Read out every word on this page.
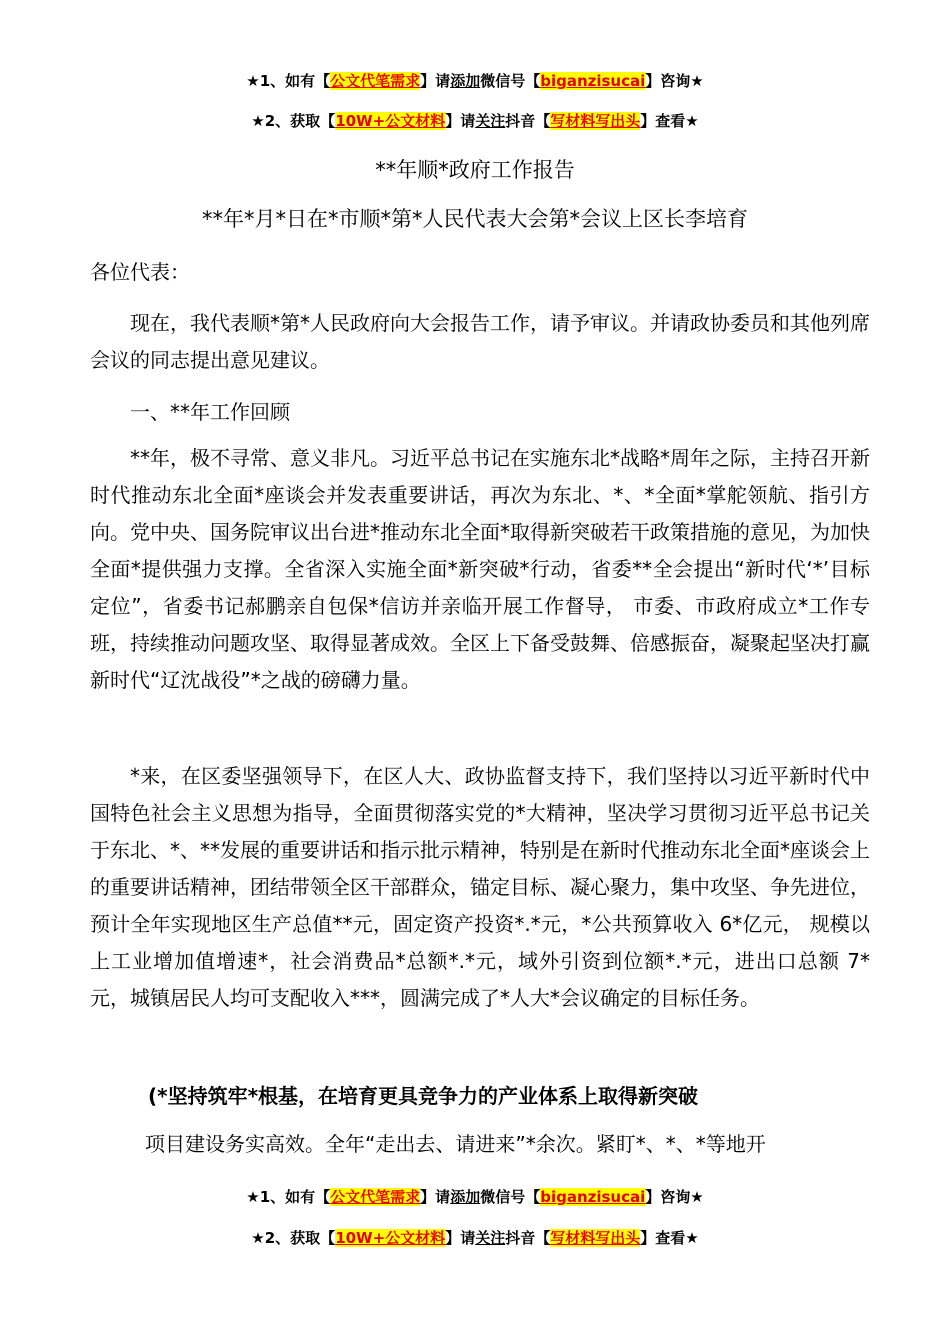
★1、如有【公文代笔需求】请添加微信号【biganzisucai】咨询★
★2、获取【10W+公文材料】请关注抖音【写材料写出头】查看★
**年顺*政府工作报告
**年*月*日在*市顺*第*人民代表大会第*会议上区长李培育
各位代表：
现在，我代表顺*第*人民政府向大会报告工作，请予审议。并请政协委员和其他列席会议的同志提出意见建议。
一、**年工作回顾
**年，极不寻常、意义非凡。习近平总书记在实施东北*战略*周年之际，主持召开新时代推动东北全面*座谈会并发表重要讲话，再次为东北、*、*全面*掌舵领航、指引方向。党中央、国务院审议出台进*推动东北全面*取得新突破若干政策措施的意见，为加快全面*提供强力支撑。全省深入实施全面*新突破*行动，省委**全会提出“新时代‘*’目标定位”，省委书记郝鹏亲自包保*信访并亲临开展工作督导， 市委、市政府成立*工作专班，持续推动问题攻坚、取得显著成效。全区上下备受鼓舞、倍感振奋，凝聚起坚决打赢新时代“辽沈战役”*之战的磅礴力量。
*来，在区委坚强领导下，在区人大、政协监督支持下，我们坚持以习近平新时代中国特色社会主义思想为指导，全面贯彻落实党的*大精神，坚决学习贯彻习近平总书记关于东北、*、**发展的重要讲话和指示批示精神，特别是在新时代推动东北全面*座谈会上的重要讲话精神，团结带领全区干部群众，锚定目标、凝心聚力，集中攻坚、争先进位，预计全年实现地区生产总值**元，固定资产投资*.*元，*公共预算收入 6*亿元， 规模以上工业增加值增速*，社会消费品*总额*.*元，域外引资到位额*.*元，进出口总额 7*元，城镇居民人均可支配收入***，圆满完成了*人大*会议确定的目标任务。
(*坚持筑牢*根基，在培育更具竞争力的产业体系上取得新突破
项目建设务实高效。全年“走出去、请进来”*余次。紧盯*、*、*等地开
★1、如有【公文代笔需求】请添加微信号【biganzisucai】咨询★
★2、获取【10W+公文材料】请关注抖音【写材料写出头】查看★
